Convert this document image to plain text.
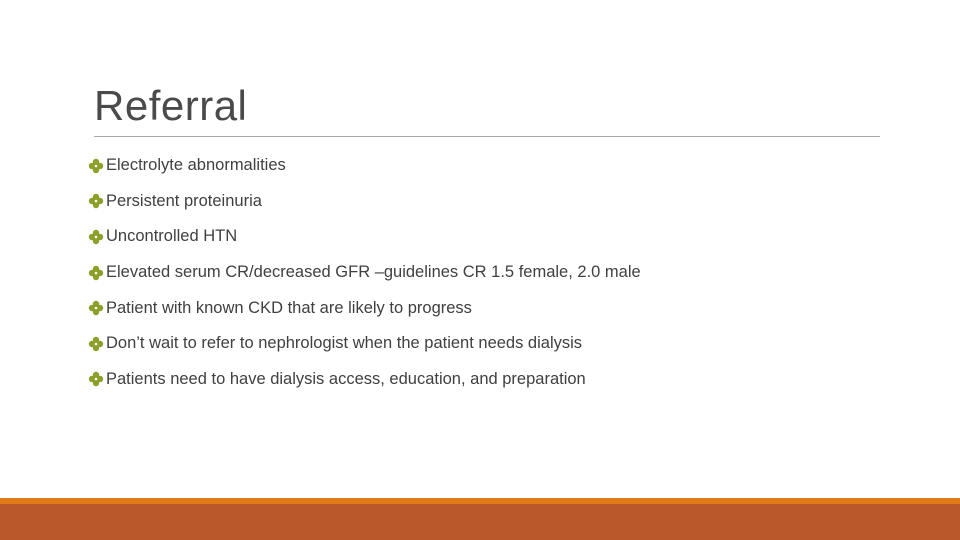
Referral
Electrolyte abnormalities
Persistent proteinuria
Uncontrolled HTN
Elevated serum CR/decreased GFR –guidelines CR 1.5 female, 2.0 male
Patient with known CKD that are likely to progress
Don’t wait to refer to nephrologist when the patient needs dialysis
Patients need to have dialysis access, education, and preparation
